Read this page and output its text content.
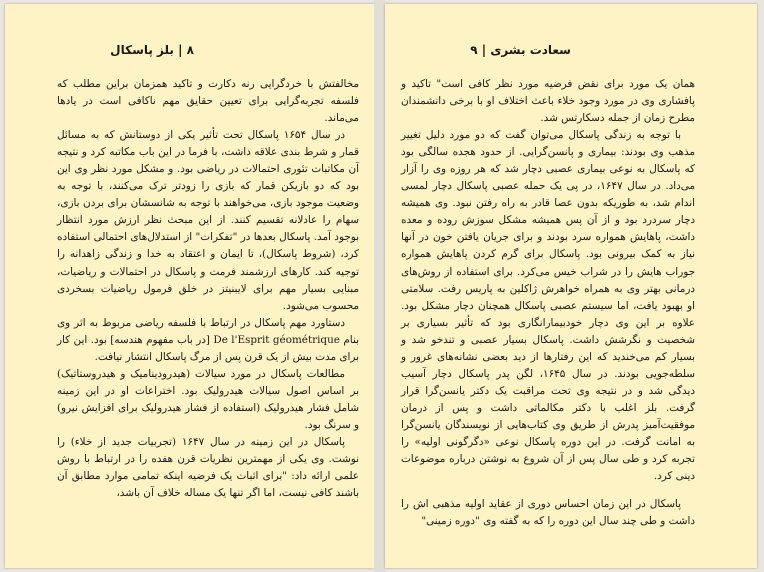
۸ | بلز پاسکال

مخالفتش با خردگرایی رنه دکارت و تاکید همزمان براین مطلب که فلسفه تجربه‌گرایی برای تعیین حقایق مهم ناکافی است در یادها می‌ماند.

در سال ۱۶۵۴ پاسکال تحت تأثیر یکی از دوستانش که به مسائل قمار و شرط بندی علاقه داشت، با فرما در این باب مکاتبه کرد و نتیجه آن مکاتبات تئوری احتمالات در ریاضی بود. و مشکل مورد نظر وی این بود که دو بازیکن قمار که بازی را زودتر ترک می‌کنند، با توجه به وضعیت موجود بازی، می‌خواهند با توجه به شانسشان برای بردن بازی، سهام را عادلانه تقسیم کنند. از این مبحث نظر ارزش مورد انتظار بوجود آمد. پاسکال بعدها در "تفکرات" از استدلال‌های احتمالی استفاده کرد، (شروط پاسکال)، تا ایمان و اعتقاد به خدا و زندگی زاهدانه را توجیه کند. کارهای ارزشمند فرمت و پاسکال در احتمالات و ریاضیات، مبنایی بسیار مهم برای لایبنیتز در خلق فرمول ریاضیات بسخردی محسوب می‌شود.

دستاورد مهم پاسکال در ارتباط با فلسفه ریاضی مربوط به اثر وی بنام De l'Esprit géométrique [در باب مفهوم هندسه] بود. این کار برای مدت بیش از یک قرن پس از مرگ پاسکال انتشار نیافت.

مطالعات پاسکال در مورد سیالات (هیدرودینامیک و هیدروستاتیک) بر اساس اصول سیالات هیدرولیک بود. اختراعات او در این زمینه شامل فشار هیدرولیک (استفاده از فشار هیدرولیک برای افزایش نیرو) و سرنگ بود.

پاسکال در این زمینه در سال ۱۶۴۷ (تجربیات جدید از خلاء) را نوشت. وی یکی از مهمترین نظریات قرن هفده را در ارتباط با روش علمی ارائه داد: "برای اثبات یک فرضیه اینکه تمامی موارد مطابق آن باشند کافی نیست، اما اگر تنها یک مساله خلاف آن باشد،

سعادت بشری | ۹

همان یک مورد برای نقض فرضیه مورد نظر کافی است" تاکید و پافشاری وی در مورد وجود خلاء باعث اختلاف او با برخی دانشمندان مطرح زمان از جمله دسکارتس شد.

با توجه به زندگی پاسکال می‌توان گفت که دو مورد دلیل تغییر مذهب وی بودند: بیماری و پانسن‌گرایی. از حدود هجده سالگی بود که پاسکال به نوعی بیماری عصبی دچار شد که هر روزه وی را آزار می‌داد. در سال ۱۶۴۷، در پی یک حمله عصبی پاسکال دچار لمسی اندام شد، به طوریکه بدون عصا قادر به راه رفتن نبود. وی همیشه دچار سردرد بود و از آن پس همیشه مشکل سوزش روده و معده داشت، پاهایش همواره سرد بودند و برای جریان یافتن خون در آنها نیاز به کمک بیرونی بود. پاسکال برای گرم کردن پاهایش همواره جوراب هایش را در شراب خیس می‌کرد. برای استفاده از روش‌های درمانی بهتر وی به همراه خواهرش ژاکلین به پاریس رفت. سلامتی او بهبود یافت، اما سیستم عصبی پاسکال همچنان دچار مشکل بود. علاوه بر این وی دچار خودبیمارانگاری بود که تأثیر بسیاری بر شخصیت و نگرشش داشت. پاسکال بسیار عصبی و تندخو شد و بسیار کم می‌خندید که این رفتارها از دید بعضی نشانه‌های غرور و سلطه‌جویی بودند. در سال ۱۶۴۵، لگن پدر پاسکال دچار آسیب دیدگی شد و در نتیجه وی تحت مراقبت یک دکتر یانسن‌گرا قرار گرفت. بلز اغلب با دکتر مکالماتی داشت و پس از درمان موفقیت‌آمیز پدرش از طریق وی کتاب‌هایی از نویسندگان یانسن‌گرا به امانت گرفت. در این دوره پاسکال نوعی «دگرگونی اولیه» را تجربه کرد و طی سال پس از آن شروع به نوشتن درباره موضوعات دینی کرد.

پاسکال در این زمان احساس دوری از عقاید اولیه مذهبی اش را داشت و طی چند سال این دوره را که به گفته وی "دوره زمینی"
